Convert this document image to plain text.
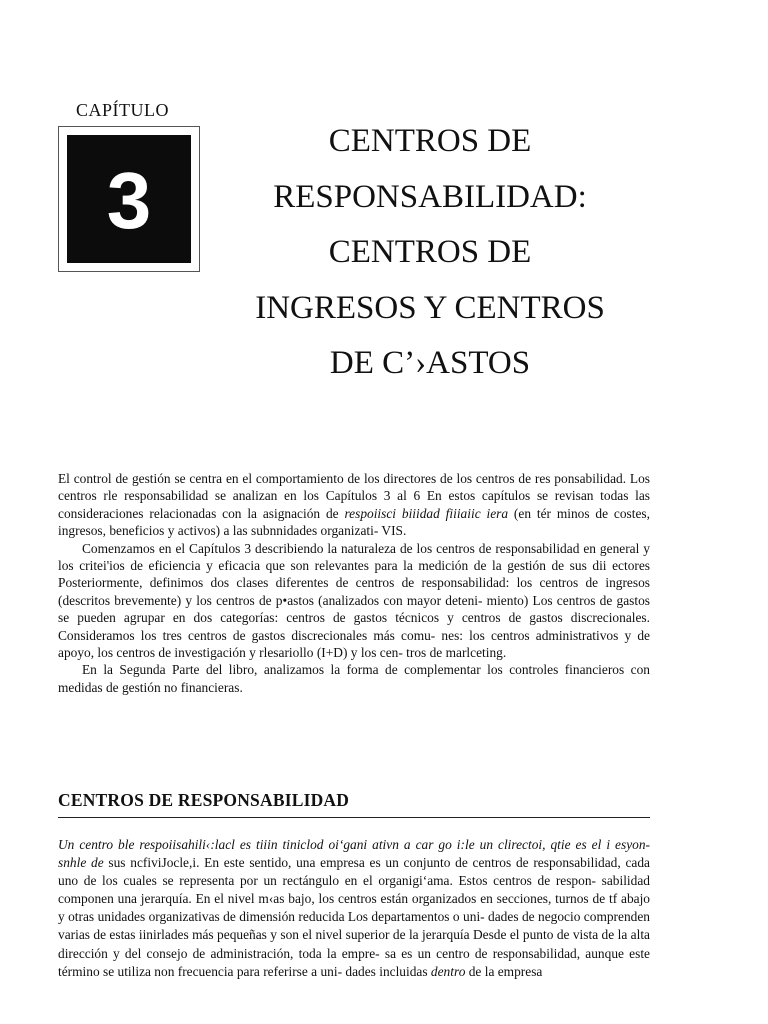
CAPÍTULO
3
CENTROS DE
RESPONSABILIDAD:
CENTROS DE
INGRESOS Y CENTROS
DE C’›ASTOS

El control de gestión se centra en el comportamiento de los directores de los centros de res ponsabilidad. Los centros rle responsabilidad se analizan en los Capítulos 3 al 6 En estos capítulos se revisan todas las consideraciones relacionadas con la asignación de respoiisci biiidad fiiiaiic iera (en tér minos de costes, ingresos, beneficios y activos) a las subnnidades organizati- VIS.

Comenzamos en el Capítulos 3 describiendo la naturaleza de los centros de responsabilidad en general y los critei'ios de eficiencia y eficacia que son relevantes para la medición de la gestión de sus dii ectores Posteriormente, definimos dos clases diferentes de centros de responsabilidad: los centros de ingresos (descritos brevemente) y los centros de p•astos (analizados con mayor deteni- miento) Los centros de gastos se pueden agrupar en dos categorías: centros de gastos técnicos y centros de gastos discrecionales. Consideramos los tres centros de gastos discrecionales más comu- nes: los centros administrativos y de apoyo, los centros de investigación y rlesariollo (I+D) y los cen- tros de marlceting.

En la Segunda Parte del libro, analizamos la forma de complementar los controles financieros con medidas de gestión no financieras.

CENTROS DE RESPONSABILIDAD

Un centro ble respoiisahili‹:lacl es tiiin tiniclod oi‘gani ativn a car go i:le un clirectoi, qtie es el i esyon- snhle de sus ncfiviJocle,i. En este sentido, una empresa es un conjunto de centros de responsabilidad, cada uno de los cuales se representa por un rectángulo en el organigi‘ama. Estos centros de respon- sabilidad componen una jerarquía. En el nivel m‹as bajo, los centros están organizados en secciones, turnos de tf abajo y otras unidades organizativas de dimensión reducida Los departamentos o uni- dades de negocio comprenden varias de estas iinirlades más pequeñas y son el nivel superior de la jerarquía Desde el punto de vista de la alta dirección y del consejo de administración, toda la empre- sa es un centro de responsabilidad, aunque este término se utiliza non frecuencia para referirse a uni- dades incluidas dentro de la empresa
